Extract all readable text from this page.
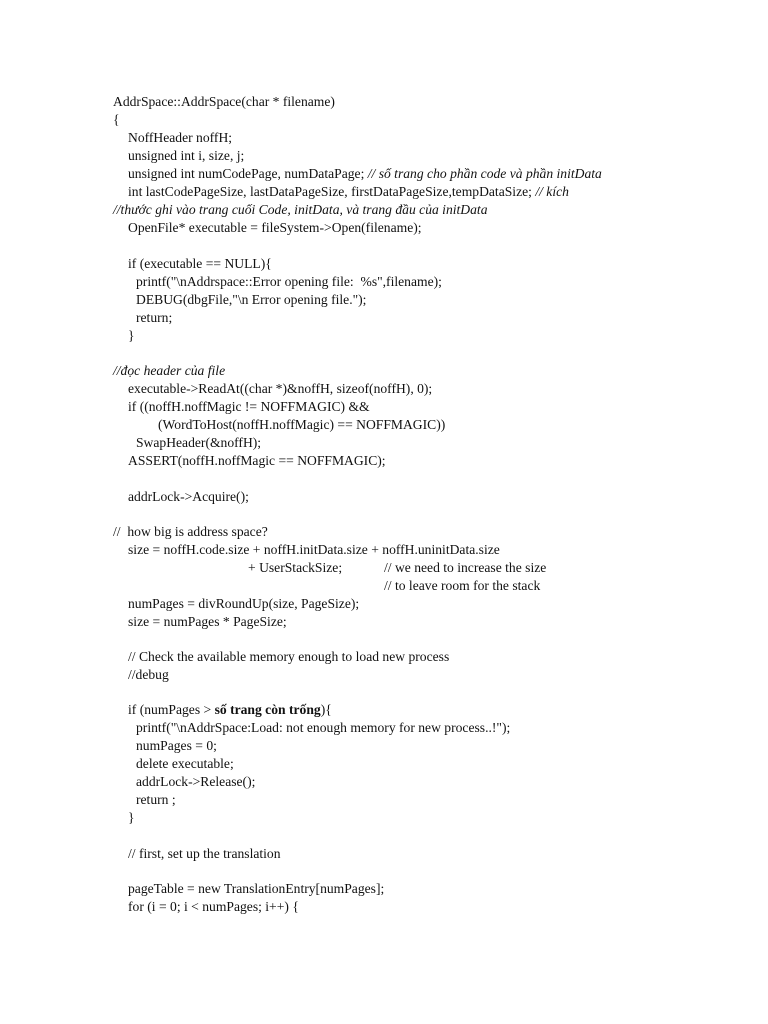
AddrSpace::AddrSpace(char * filename)
{
NoffHeader noffH;
unsigned int i, size, j;
unsigned int numCodePage, numDataPage; // số trang cho phần code và phần initData
int lastCodePageSize, lastDataPageSize, firstDataPageSize,tempDataSize; // kích
//thước ghi vào trang cuối Code, initData, và trang đầu của initData
OpenFile* executable = fileSystem->Open(filename);
if (executable == NULL){
printf("\nAddrspace::Error opening file:  %s",filename);
DEBUG(dbgFile,"\n Error opening file.");
return;
}
//đọc header của file
executable->ReadAt((char *)&noffH, sizeof(noffH), 0);
if ((noffH.noffMagic != NOFFMAGIC) &&
(WordToHost(noffH.noffMagic) == NOFFMAGIC))
SwapHeader(&noffH);
ASSERT(noffH.noffMagic == NOFFMAGIC);
addrLock->Acquire();
//  how big is address space?
size = noffH.code.size + noffH.initData.size + noffH.uninitData.size
+ UserStackSize;	// we need to increase the size
// to leave room for the stack
numPages = divRoundUp(size, PageSize);
size = numPages * PageSize;
// Check the available memory enough to load new process
//debug
if (numPages > số trang còn trống){
printf("\nAddrSpace:Load: not enough memory for new process..!");
numPages = 0;
delete executable;
addrLock->Release();
return ;
}
// first, set up the translation
pageTable = new TranslationEntry[numPages];
for (i = 0; i < numPages; i++) {
